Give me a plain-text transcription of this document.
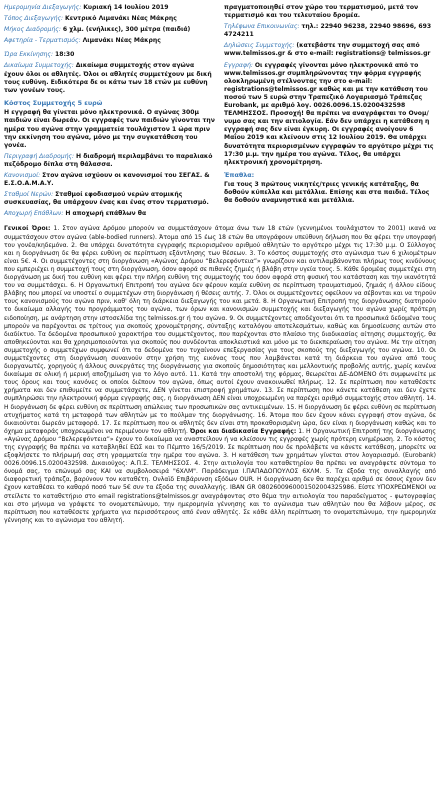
Ημερομηνία Διεξαγωγής: Κυριακή 14 Ιουλίου 2019

Τόπος Διεξαγωγής: Κεντρικό Λιμανάκι Νέας Μάκρης

Μήκος Διαδρομής: 6 χλμ. (ενήλικες), 300 μέτρα (παιδιά)

Αφετηρία - Τερματισμός: Λιμανάκι Νέας Μάκρης

Ώρα Εκκίνησης: 18:30

Δικαίωμα Συμμετοχής: Δικαίωμα συμμετοχής στον αγώνα έχουν όλοι οι αθλητές. Όλοι οι αθλητές συμμετέχουν με δική τους ευθύνη. Ειδικότερα δε οι κάτω των 18 ετών με ευθύνη των γονέων τους.

Κόστος Συμμετοχής 5 ευρώ

Η εγγραφή θα γίνεται μόνο ηλεκτρονικά. Ο αγώνας 300μ παιδιών είναι δωρεάν. Οι εγγραφές των παιδιών γίνονται την ημέρα του αγώνα στην γραμματεία τουλάχιστον 1 ώρα πριν την εκκίνηση του αγώνα, μόνο με την συγκατάθεση του γονέα.

Περιγραφή Διαδρομής: Η διαδρομή περιλαμβάνει το παραλιακό πεζόδρομο δίπλα στη θάλασσα.

Κανονισμοί: Στον αγώνα ισχύουν οι κανονισμοί του ΣΕΓΑΣ. & Ε.Σ.Ο.Α.Μ.Α.Υ.

Σταθμοί Νερών: Σταθμοί εφοδιασμού νερών ατομικής συσκευασίας, θα υπάρχουν ένας και ένας στον τερματισμό.

Αποχωρή Επάθλων: Η αποχωρή επάθλων θα

πραγματοποιηθεί στον χώρο του τερματισμού, μετά τον τερματισμό και του τελευταίου δρομέα.

Τηλέφωνα Επικοινωνίας: τηλ.: 22940 96238, 22940 98696, 693 4724211

Δηλώσεις Συμμετοχής: (κατεβάστε την συμμετοχή σας από www.telmissos.gr & στο e-mail: registrations@ telmissos.gr

Εγγραφή: Οι εγγραφές γίνονται μόνο ηλεκτρονικά από το www.telmissos.gr συμπληρώνοντας την φόρμα εγγραφής ολοκληρωμένη στέλνοντας την στο e-mail: registrations@telmissos.gr καθώς και με την κατάθεση του ποσού των 5 ευρώ στην Τραπεζικό Λογαριασμό Τράπεζας Eurobank, με αριθμό λογ. 0026.0096.15.0200432598 ΤΕΛΜΗΣΣΟΣ. Προσοχή! θα πρέπει να αναγράφεται το Ονομ/νυμο σας και την αιτιολογία. Εάν δεν υπάρχει η κατάθεση η εγγραφή σας δεν είναι έγκυρη. Οι εγγραφές ανοίγουν 6 Μαΐου 2019 και κλείνουν στις 12 Ιουλίου 2019. Θα υπάρχει δυνατότητα περιορισμένων εγγραφών το αργότερο μέχρι τις 17:30 μ.μ. την ημέρα του αγώνα. Τέλος, θα υπάρχει ηλεκτρονική χρονομέτρηση.

Έπαθλα:

Για τους 3 πρώτους νικητές/τριες γενικής κατάταξης, θα δοθούν κύπελλα και μετάλλια. Επίσης και στα παιδιά. Τέλος θα δοθούν αναμνηστικά και μετάλλια.

Γενικοί Όροι: 1. Στον αγώνα Δρόμου μπορούν να συμμετάσχουν άτομα άνω των 18 ετών (γεννημένοι τουλάχιστον το 2001) ικανά να συμμετάσχουν στον αγώνα (able-bodied runners). Άτομα από 15 έως 18 ετών θα υπογράφουν υπεύθυνη δήλωση που θα φέρει την υπογραφή του γονέα/κηδεμόνα. 2. Θα υπάρχει δυνατότητα εγγραφής περιορισμένου αριθμού αθλητών το αργότερο μέχρι τις 17:30 μ.μ. Ο Σύλλογος και η διοργάνωση δε θα φέρει ευθύνη σε περίπτωση εξάντλησης των θέσεων. 3. Το κόστος συμμετοχής στο αγώνισμα των 6 χιλιομέτρων είναι 5€. 4. Οι συμμετέχοντες στη διοργάνωση «Αγώνας Δρόμου “Βελερεφόντεια”» γνωρίζουν και αντιλαμβάνονται πλήρως τους κινδύνους που εμπεριέχει η συμμετοχή τους στη διοργάνωση, όσον αφορά σε πιθανές ζημιές ή βλάβη στην υγεία τους. 5. Κάθε δρομέας συμμετέχει στη διοργάνωση με δική του ευθύνη και φέρει την πλήρη ευθύνη της συμμετοχής του όσον αφορά στη φυσική του κατάσταση και την ικανότητά του να συμμετάσχει. 6. Η Οργανωτική Επιτροπή του αγώνα δεν φέρουν καμία ευθύνη σε περίπτωση τραυματισμού, ζημιάς ή άλλου είδους βλάβης που μπορεί να υποστεί ο συμμετέχων στη διοργάνωση ή θέσεις αυτής. 7. Όλοι οι συμμετέχοντες οφείλουν να σέβονται και να τηρούν τους κανονισμούς του αγώνα πριν, καθ' όλη τη διάρκεια διεξαγωγής του και μετά. 8. Η Οργανωτική Επιτροπή της διοργάνωσης διατηρούν το δικαίωμα αλλαγής του προγράμματος του αγώνα, των όρων και κανονισμών συμμετοχής και διεξαγωγής του αγώνα χωρίς πρότερη ειδοποίηση, με ανάρτηση στην ιστοσελίδα της telmissos.gr ή του αγώνα. 9. Οι συμμετέχοντες αποδέχονται ότι τα προσωπικά δεδομένα τους μπορούν να παρέχονται σε τρίτους για σκοπούς χρονομέτρησης, σύνταξης καταλόγου αποτελεσμάτων, καθώς και δημοσίευσης αυτών στο διαδίκτυο. Τα δεδομένα προσωπικού χαρακτήρα του συμμετέχοντος, που παρέχονται στο πλαίσιο της διαδικασίας αίτησης συμμετοχής, θα αποθηκεύονται και θα χρησιμοποιούνται για σκοπούς που συνδέονται αποκλειστικά και μόνο με το διεκπεραίωση του αγώνα. Με την αίτηση συμμετοχής ο συμμετέχων συμφωνεί ότι τα δεδομένα του τυχαίνουν επεξεργασίας για τους σκοπούς της διεξαγωγής του αγώνα. 10. Οι συμμετέχοντες στη διοργάνωση συναινούν στην χρήση της εικόνας τους που λαμβάνεται κατά τη διάρκεια του αγώνα από τους διοργανωτές, χορηγούς ή άλλους συνεργάτες της διοργάνωσης για σκοπούς δημοσιότητας και μελλοντικής προβολής αυτής, χωρίς κανένα δικαίωμα σε ολική ή μερική αποζημίωση για το λόγο αυτό. 11. Κατά την αποστολή της φόρμας, θεωρείται ΔΕ-ΔΟΜΕΝΟ ότι συμφωνείτε με τους όρους και τους κανόνες οι οποίοι διέπουν τον αγώνα, όπως αυτοί έχουν ανακοινωθεί πλήρως. 12. Σε περίπτωση που καταθέσετε χρήματα και δεν επιθυμείτε να συμμετάσχετε, ΔΕΝ γίνεται επιστροφή χρημάτων. 13. Σε περίπτωση που κάνετε κατάθεση και δεν έχετε συμπληρώσει την ηλεκτρονική φόρμα εγγραφής σας, η διοργάνωση ΔΕΝ είναι υποχρεωμένη να παρέχει αριθμό συμμετοχής στον αθλητή. 14. Η διοργάνωση δε φέρει ευθύνη σε περίπτωση απώλειας των προσωπικών σας αντικειμένων. 15. Η διοργάνωση δε φέρει ευθύνη σε περίπτωση ατυχήματος κατά τη μεταφορά των αθλητών με το πούλμαν της διοργάνωσης. 16. Άτομα που δεν έχουν κάνει εγγραφή στον αγώνα, δε δικαιούνται δωρεάν μεταφορά. 17. Σε περίπτωση που οι αθλητές δεν είναι στη προκαθορισμένη ώρα, δεν είναι η διοργάνωση καθώς και το όχημα μεταφοράς υποχρεωμένοι να περιμένουν τον αθλητή. Όροι και διαδικασία Εγγραφής: 1. Η Οργανωτική Επιτροπή της διοργάνωσης «Αγώνας Δρόμου “Βελερεφόντεια”» έχουν το δικαίωμα να αναστείλουν ή να κλείσουν τις εγγραφές χωρίς πρότερη ενημέρωση. 2. Το κόστος της εγγραφής θα πρέπει να καταβληθεί ΕΩΣ και το Πέμπτο 16/5/2019. Σε περίπτωση που δε προλάβετε να κάνετε κατάθεση, μπορείτε να εξοφλήσετε το πλήρωμή σας στη γραμματεία την ημέρα του αγώνα. 3. Η κατάθεση των χρημάτων γίνεται στον λογαριασμό. (Eurobank) 0026.0096.15.0200432598. Δικαιούχος: Α.Π.Σ. ΤΕΛΜΗΣΣΟΣ. 4. Στην αιτιολογία του καταθετηρίου θα πρέπει να αναγράφετε σύντομα το όνομά σας, το επώνυμό σας ΚΑΙ να συμβολοσειρά "6ΧΛΜ". Παράδειγμα Ι.ΠΑΠΑΔΟΠΟΥΛΟΣ 6ΧΛΜ. 5. Τα έξοδα της συναλλαγής από διαφορετική τράπεζα, βαρύνουν τον καταθέτη. Ονλαϊδ Επιβάρυνση εξόδων OUR. Η διοργάνωση δεν θα παρέχει αριθμό σε όσους έχουν δεν έχουν καταθέσει το καθαρό ποσό των 5€ συν τα έξοδα της συναλλαγής. IBAN GR 0802600960001502004325986. Είστε ΥΠΟΧΡΕΩΜΕΝΟΙ να στείλετε το καταθετήριο στο email registrations@telmissos.gr αναγράφοντας στο θέμα την αιτιολογία του παραδείγματος - φωτογραφίας και στο μήνυμα να γράψετε το ονοματεπώνυμο, την ημερομηνία γέννησης και το αγώνισμα των αθλητών που θα λάβουν μέρος, σε περίπτωση που καταθέσετε χρήματα για περισσότερους από έναν αθλητές. Σε κάθε άλλη περίπτωση το ονοματεπώνυμο, την ημερομηνία γέννησης και το αγώνισμα του αθλητή.
